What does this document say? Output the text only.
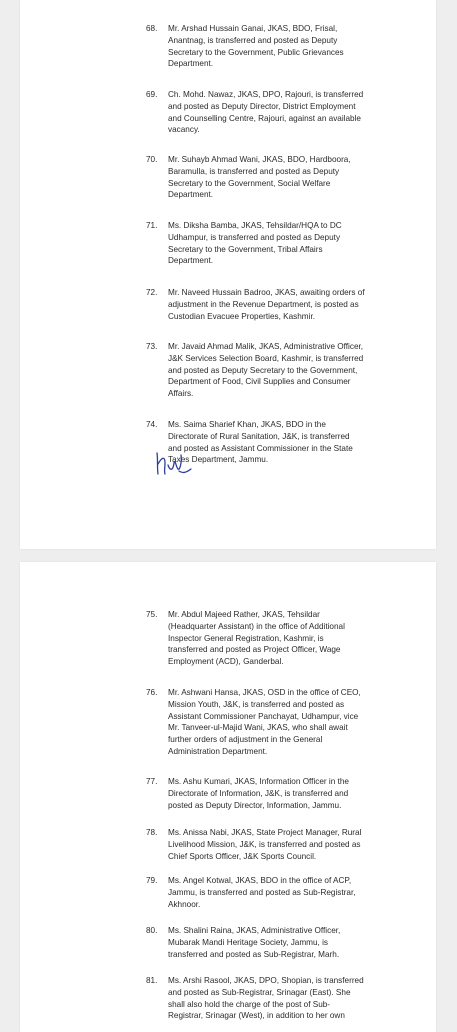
68. Mr. Arshad Hussain Ganai, JKAS, BDO, Frisal,
Anantnag, is transferred and posted as Deputy
Secretary to the Government, Public Grievances
Department.
69. Ch. Mohd. Nawaz, JKAS, DPO, Rajouri, is transferred
and posted as Deputy Director, District Employment
and Counselling Centre, Rajouri, against an available
vacancy.
70. Mr. Suhayb Ahmad Wani, JKAS, BDO, Hardboora,
Baramulla, is transferred and posted as Deputy
Secretary to the Government, Social Welfare
Department.
71. Ms. Diksha Bamba, JKAS, Tehsildar/HQA to DC
Udhampur, is transferred and posted as Deputy
Secretary to the Government, Tribal Affairs
Department.
72. Mr. Naveed Hussain Badroo, JKAS, awaiting orders of
adjustment in the Revenue Department, is posted as
Custodian Evacuee Properties, Kashmir.
73. Mr. Javaid Ahmad Malik, JKAS, Administrative Officer,
J&K Services Selection Board, Kashmir, is transferred
and posted as Deputy Secretary to the Government,
Department of Food, Civil Supplies and Consumer
Affairs.
74. Ms. Saima Sharief Khan, JKAS, BDO in the
Directorate of Rural Sanitation, J&K, is transferred
and posted as Assistant Commissioner in the State
Taxes Department, Jammu.
75. Mr. Abdul Majeed Rather, JKAS, Tehsildar
(Headquarter Assistant) in the office of Additional
Inspector General Registration, Kashmir, is
transferred and posted as Project Officer, Wage
Employment (ACD), Ganderbal.
76. Mr. Ashwani Hansa, JKAS, OSD in the office of CEO,
Mission Youth, J&K, is transferred and posted as
Assistant Commissioner Panchayat, Udhampur, vice
Mr. Tanveer-ul-Majid Wani, JKAS, who shall await
further orders of adjustment in the General
Administration Department.
77. Ms. Ashu Kumari, JKAS, Information Officer in the
Directorate of Information, J&K, is transferred and
posted as Deputy Director, Information, Jammu.
78. Ms. Anissa Nabi, JKAS, State Project Manager, Rural
Livelihood Mission, J&K, is transferred and posted as
Chief Sports Officer, J&K Sports Council.
79. Ms. Angel Kotwal, JKAS, BDO in the office of ACP,
Jammu, is transferred and posted as Sub-Registrar,
Akhnoor.
80. Ms. Shalini Raina, JKAS, Administrative Officer,
Mubarak Mandi Heritage Society, Jammu, is
transferred and posted as Sub-Registrar, Marh.
81. Ms. Arshi Rasool, JKAS, DPO, Shopian, is transferred
and posted as Sub-Registrar, Srinagar (East). She
shall also hold the charge of the post of Sub-
Registrar, Srinagar (West), in addition to her own
